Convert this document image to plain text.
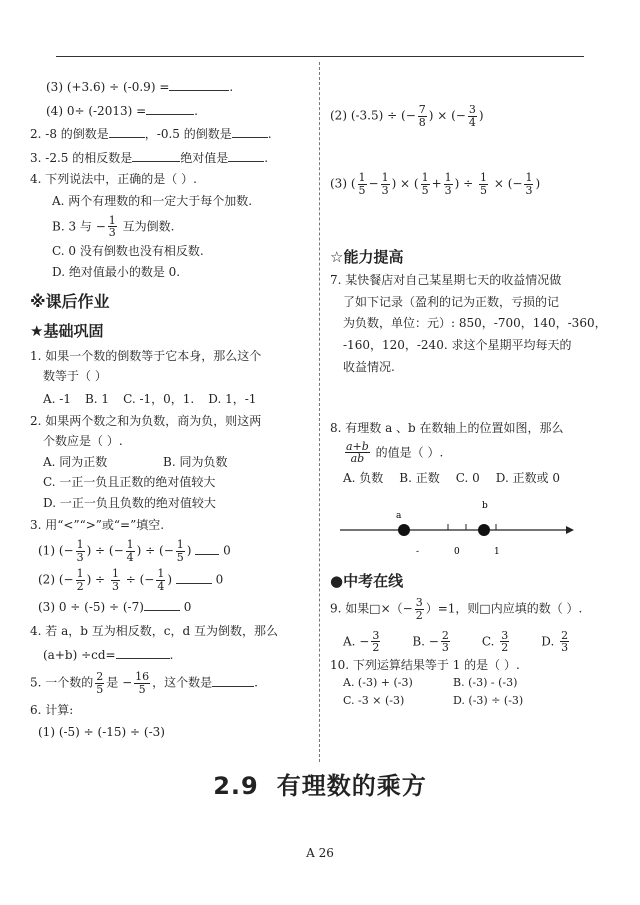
(3) (+3.6) ÷ (-0.9) =	.
(4) 0÷ (-2013) =	.
2. -8 的倒数是	，-0.5 的倒数是	.
3. -2.5 的相反数是	绝对值是	.
4. 下列说法中，正确的是（ ）.
A. 两个有理数的和一定大于每个加数.
B. 3 与 − $\frac{1}{3}$ 互为倒数.
C. 0 没有倒数也没有相反数.
D. 绝对值最小的数是 0.
※课后作业
★基础巩固
1. 如果一个数的倒数等于它本身，那么这个
数等于（ ）
A. -1 B. 1 C. -1，0，1. D. 1，-1
2. 如果两个数之和为负数，商为负，则这两
个数应是（ ）.
A. 同为正数	B. 同为负数
C. 一正一负且正数的绝对值较大
D. 一正一负且负数的绝对值较大
3. 用“<”“>”或“=”填空.
(1) (− $\frac{1}{3}$ ) ÷ (− $\frac{1}{4}$ ) ÷ (− $\frac{1}{5}$ )  0
(2) (− $\frac{1}{2}$ ) ÷ $\frac{1}{3}$ ÷ (− $\frac{1}{4}$ )	0
(3) 0 ÷ (-5) ÷ (-7)	0
4. 若 a，b 互为相反数，c，d 互为倒数，那么
(a+b) ÷cd=	.
5. 一个数的 $\frac{2}{5}$ 是 − $\frac{16}{5}$ ，这个数是	.
6. 计算:
(1) (-5) ÷ (-15) ÷ (-3)
(2) (-3.5) ÷ (− $\frac{7}{8}$ ) × (− $\frac{3}{4}$ )
(3) ( $\frac{1}{5} - \frac{1}{3}$ ) × ( $\frac{1}{5} + \frac{1}{3}$ ) ÷ $\frac{1}{5}$ × (− $\frac{1}{3}$ )
☆能力提高
7. 某快餐店对自己某星期七天的收益情况做
了如下记录（盈利的记为正数，亏损的记
为负数，单位：元）: 850，-700，140，-360，
-160，120，-240. 求这个星期平均每天的
收益情况.
8. 有理数 a 、b 在数轴上的位置如图，那么
$\frac{a+b}{ab}$ 的值是（ ）.
A. 负数 B. 正数 C. 0 D. 正数或 0
a
b
-	0	1
●中考在线
9. 如果□×（− $\frac{3}{2} )=1$，则□内应填的数（ ）.
A. − $\frac{3}{2}$	B. − $\frac{2}{3}$	C. $\frac{3}{2}$	D. $\frac{2}{3}$
10. 下列运算结果等于 1 的是（ ）.
A. (-3) + (-3)	B. (-3) - (-3)
C. -3 × (-3)	D. (-3) ÷ (-3)
2.9 有理数的乘方
A 26
